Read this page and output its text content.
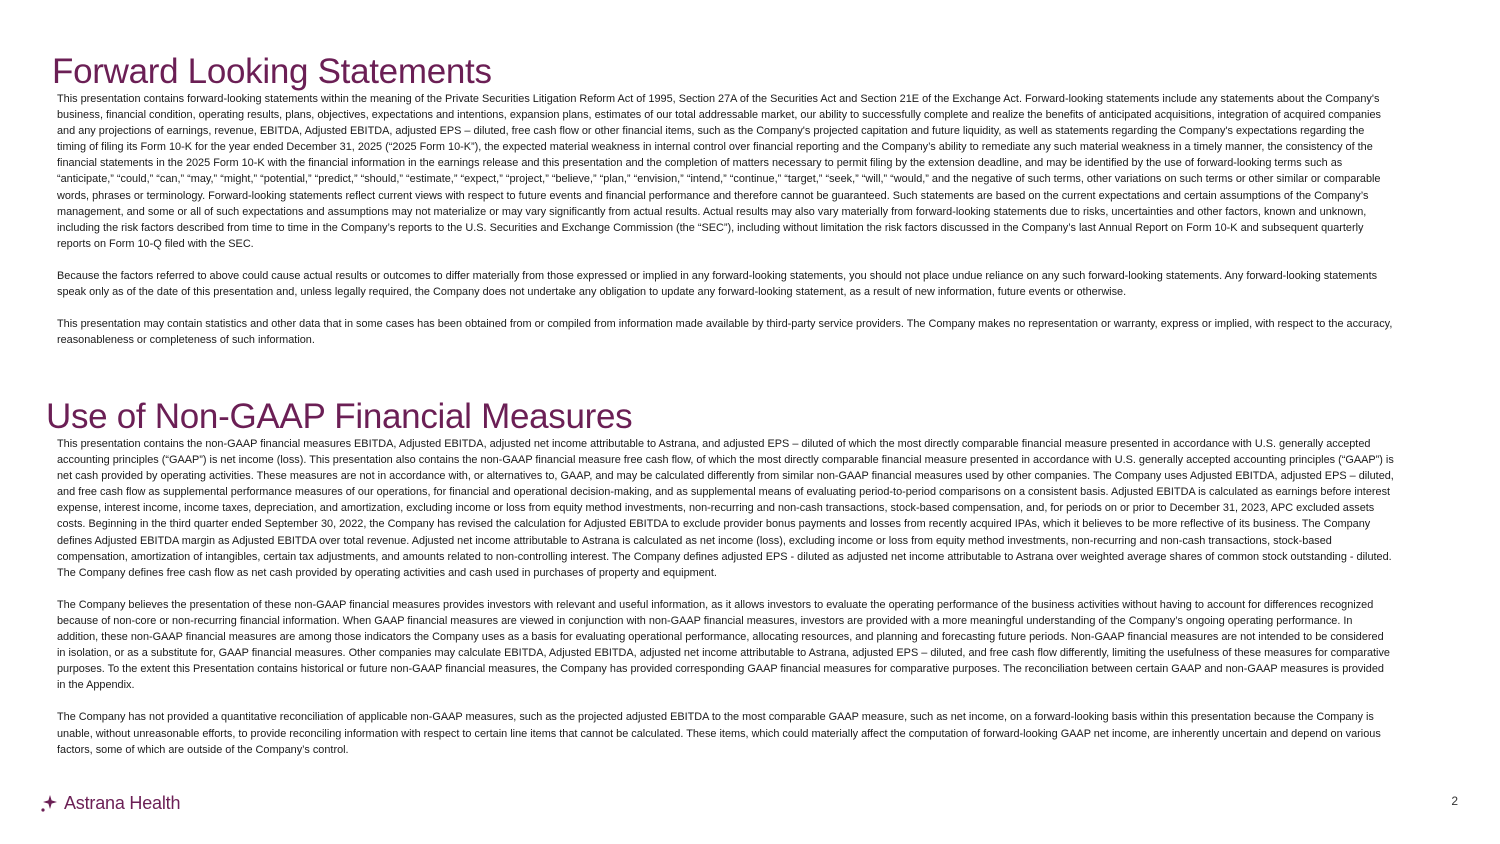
Forward Looking Statements

This presentation contains forward-looking statements within the meaning of the Private Securities Litigation Reform Act of 1995, Section 27A of the Securities Act and Section 21E of the Exchange Act. Forward-looking statements include any statements about the Company's business, financial condition, operating results, plans, objectives, expectations and intentions, expansion plans, estimates of our total addressable market, our ability to successfully complete and realize the benefits of anticipated acquisitions, integration of acquired companies and any projections of earnings, revenue, EBITDA, Adjusted EBITDA, adjusted EPS – diluted, free cash flow or other financial items, such as the Company's projected capitation and future liquidity, as well as statements regarding the Company's expectations regarding the timing of filing its Form 10-K for the year ended December 31, 2025 (“2025 Form 10-K”), the expected material weakness in internal control over financial reporting and the Company’s ability to remediate any such material weakness in a timely manner, the consistency of the financial statements in the 2025 Form 10-K with the financial information in the earnings release and this presentation and the completion of matters necessary to permit filing by the extension deadline, and may be identified by the use of forward-looking terms such as “anticipate,” “could,” “can,” “may,” “might,” “potential,” “predict,” “should,” “estimate,” “expect,” “project,” “believe,” “plan,” “envision,” “intend,” “continue,” “target,” “seek,” “will,” “would,” and the negative of such terms, other variations on such terms or other similar or comparable words, phrases or terminology. Forward-looking statements reflect current views with respect to future events and financial performance and therefore cannot be guaranteed. Such statements are based on the current expectations and certain assumptions of the Company’s management, and some or all of such expectations and assumptions may not materialize or may vary significantly from actual results. Actual results may also vary materially from forward-looking statements due to risks, uncertainties and other factors, known and unknown, including the risk factors described from time to time in the Company’s reports to the U.S. Securities and Exchange Commission (the “SEC”), including without limitation the risk factors discussed in the Company’s last Annual Report on Form 10-K and subsequent quarterly reports on Form 10-Q filed with the SEC.

Because the factors referred to above could cause actual results or outcomes to differ materially from those expressed or implied in any forward-looking statements, you should not place undue reliance on any such forward-looking statements. Any forward-looking statements speak only as of the date of this presentation and, unless legally required, the Company does not undertake any obligation to update any forward-looking statement, as a result of new information, future events or otherwise.

This presentation may contain statistics and other data that in some cases has been obtained from or compiled from information made available by third-party service providers. The Company makes no representation or warranty, express or implied, with respect to the accuracy, reasonableness or completeness of such information.

Use of Non-GAAP Financial Measures

This presentation contains the non-GAAP financial measures EBITDA, Adjusted EBITDA, adjusted net income attributable to Astrana, and adjusted EPS – diluted of which the most directly comparable financial measure presented in accordance with U.S. generally accepted accounting principles (“GAAP”) is net income (loss). This presentation also contains the non-GAAP financial measure free cash flow, of which the most directly comparable financial measure presented in accordance with U.S. generally accepted accounting principles (“GAAP”) is net cash provided by operating activities. These measures are not in accordance with, or alternatives to, GAAP, and may be calculated differently from similar non-GAAP financial measures used by other companies. The Company uses Adjusted EBITDA, adjusted EPS – diluted, and free cash flow as supplemental performance measures of our operations, for financial and operational decision-making, and as supplemental means of evaluating period-to-period comparisons on a consistent basis. Adjusted EBITDA is calculated as earnings before interest expense, interest income, income taxes, depreciation, and amortization, excluding income or loss from equity method investments, non-recurring and non-cash transactions, stock-based compensation, and, for periods on or prior to December 31, 2023, APC excluded assets costs. Beginning in the third quarter ended September 30, 2022, the Company has revised the calculation for Adjusted EBITDA to exclude provider bonus payments and losses from recently acquired IPAs, which it believes to be more reflective of its business. The Company defines Adjusted EBITDA margin as Adjusted EBITDA over total revenue. Adjusted net income attributable to Astrana is calculated as net income (loss), excluding income or loss from equity method investments, non-recurring and non-cash transactions, stock-based compensation, amortization of intangibles, certain tax adjustments, and amounts related to non-controlling interest. The Company defines adjusted EPS - diluted as adjusted net income attributable to Astrana over weighted average shares of common stock outstanding - diluted. The Company defines free cash flow as net cash provided by operating activities and cash used in purchases of property and equipment.

The Company believes the presentation of these non-GAAP financial measures provides investors with relevant and useful information, as it allows investors to evaluate the operating performance of the business activities without having to account for differences recognized because of non-core or non-recurring financial information. When GAAP financial measures are viewed in conjunction with non-GAAP financial measures, investors are provided with a more meaningful understanding of the Company’s ongoing operating performance. In addition, these non-GAAP financial measures are among those indicators the Company uses as a basis for evaluating operational performance, allocating resources, and planning and forecasting future periods. Non-GAAP financial measures are not intended to be considered in isolation, or as a substitute for, GAAP financial measures. Other companies may calculate EBITDA, Adjusted EBITDA, adjusted net income attributable to Astrana, adjusted EPS – diluted, and free cash flow differently, limiting the usefulness of these measures for comparative purposes. To the extent this Presentation contains historical or future non-GAAP financial measures, the Company has provided corresponding GAAP financial measures for comparative purposes. The reconciliation between certain GAAP and non-GAAP measures is provided in the Appendix.

The Company has not provided a quantitative reconciliation of applicable non-GAAP measures, such as the projected adjusted EBITDA to the most comparable GAAP measure, such as net income, on a forward-looking basis within this presentation because the Company is unable, without unreasonable efforts, to provide reconciling information with respect to certain line items that cannot be calculated. These items, which could materially affect the computation of forward-looking GAAP net income, are inherently uncertain and depend on various factors, some of which are outside of the Company’s control.

Astrana Health	2
